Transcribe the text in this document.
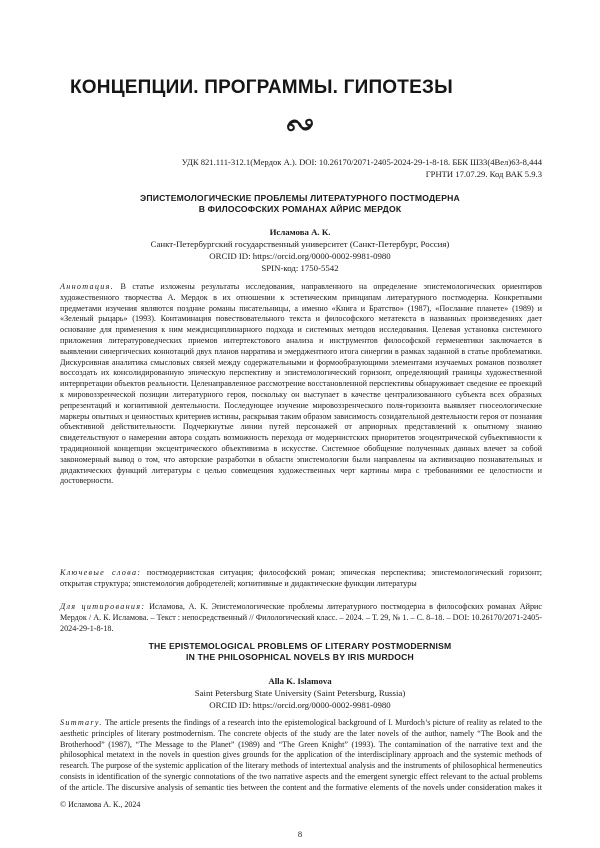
КОНЦЕПЦИИ. ПРОГРАММЫ. ГИПОТЕЗЫ
УДК 821.111-312.1(Мердок А.). DOI: 10.26170/2071-2405-2024-29-1-8-18. ББК Ш33(4Вел)63-8,444
ГРНТИ 17.07.29. Код ВАК 5.9.3
ЭПИСТЕМОЛОГИЧЕСКИЕ ПРОБЛЕМЫ ЛИТЕРАТУРНОГО ПОСТМОДЕРНА
В ФИЛОСОФСКИХ РОМАНАХ АЙРИС МЕРДОК
Исламова А. К.
Санкт-Петербургский государственный университет (Санкт-Петербург, Россия)
ORCID ID: https://orcid.org/0000-0002-9981-0980
SPIN-код: 1750-5542
Аннотация. В статье изложены результаты исследования, направленного на определение эпистемологических ориентиров художественного творчества А. Мердок в их отношении к эстетическим принципам литературного постмодерна. Конкретными предметами изучения являются поздние романы писательницы, а именно «Книга и Братство» (1987), «Послание планете» (1989) и «Зеленый рыцарь» (1993). Контаминация повествовательного текста и философского метатекста в названных произведениях дает основание для применения к ним междисциплинарного подхода и системных методов исследования. Целевая установка системного приложения литературоведческих приемов интертекстового анализа и инструментов философской герменевтики заключается в выявлении синергических коннотаций двух планов нарратива и эмерджентного итога синергии в рамках заданной в статье проблематики. Дискурсивная аналитика смысловых связей между содержательными и формообразующими элементами изучаемых романов позволяет воссоздать их консолидированную эпическую перспективу и эпистемологический горизонт, определяющий границы художественной интерпретации объектов реальности. Целенаправленное рассмотрение восстановленной перспективы обнаруживает сведение ее проекций к мировоззренческой позиции литературного героя, поскольку он выступает в качестве централизованного субъекта всех образных репрезентаций и когнитивной деятельности. Последующее изучение мировоззренческого поля-горизонта выявляет гносеологические маркеры опытных и ценностных критериев истины, раскрывая таким образом зависимость созидательной деятельности героя от познания объективной действительности. Подчеркнутые линии путей персонажей от априорных представлений к опытному знанию свидетельствуют о намерении автора создать возможность перехода от модернистских приоритетов эгоцентрической субъективности к традиционной концепции эксцентрического объективизма в искусстве. Системное обобщение полученных данных влечет за собой закономерный вывод о том, что авторские разработки в области эпистемологии были направлены на активизацию познавательных и дидактических функций литературы с целью совмещения художественных черт картины мира с требованиями ее целостности и достоверности.
Ключевые слова: постмодернистская ситуация; философский роман; эпическая перспектива; эпистемологический горизонт; открытая структура; эпистемология добродетелей; когнитивные и дидактические функции литературы
Для цитирования: Исламова, А. К. Эпистемологические проблемы литературного постмодерна в философских романах Айрис Мердок / А. К. Исламова. – Текст : непосредственный // Филологический класс. – 2024. – Т. 29, № 1. – С. 8–18. – DOI: 10.26170/2071-2405-2024-29-1-8-18.
THE EPISTEMOLOGICAL PROBLEMS OF LITERARY POSTMODERNISM
IN THE PHILOSOPHICAL NOVELS BY IRIS MURDOCH
Alla K. Islamova
Saint Petersburg State University (Saint Petersburg, Russia)
ORCID ID: https://orcid.org/0000-0002-9981-0980
Summary. The article presents the findings of a research into the epistemological background of I. Murdoch’s picture of reality as related to the aesthetic principles of literary postmodernism. The concrete objects of the study are the later novels of the author, namely “The Book and the Brotherhood” (1987), “The Message to the Planet” (1989) and “The Green Knight” (1993). The contamination of the narrative text and the philosophical metatext in the novels in question gives grounds for the application of the interdisciplinary approach and the systemic methods of research. The purpose of the systemic application of the literary methods of intertextual analysis and the instruments of philosophical hermeneutics consists in identification of the synergic connotations of the two narrative aspects and the emergent synergic effect relevant to the actual problems of the article. The discursive analysis of semantic ties between the content and the formative elements of the novels under consideration makes it
© Исламова А. К., 2024
8
